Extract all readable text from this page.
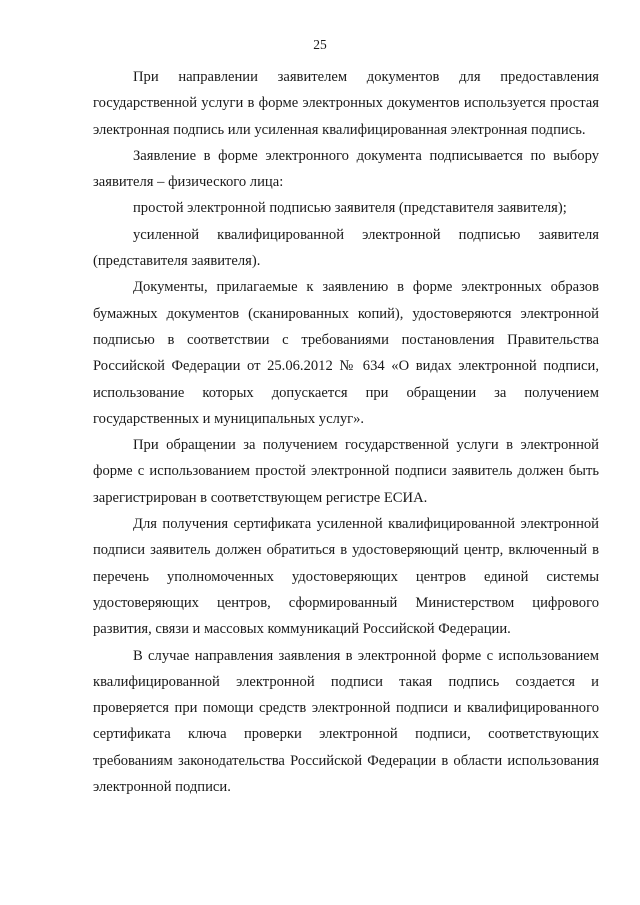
25

При направлении заявителем документов для предоставления государственной услуги в форме электронных документов используется простая электронная подпись или усиленная квалифицированная электронная подпись.

Заявление в форме электронного документа подписывается по выбору заявителя – физического лица:

простой электронной подписью заявителя (представителя заявителя);

усиленной квалифицированной электронной подписью заявителя (представителя заявителя).

Документы, прилагаемые к заявлению в форме электронных образов бумажных документов (сканированных копий), удостоверяются электронной подписью в соответствии с требованиями постановления Правительства Российской Федерации от 25.06.2012 № 634 «О видах электронной подписи, использование которых допускается при обращении за получением государственных и муниципальных услуг».

При обращении за получением государственной услуги в электронной форме с использованием простой электронной подписи заявитель должен быть зарегистрирован в соответствующем регистре ЕСИА.

Для получения сертификата усиленной квалифицированной электронной подписи заявитель должен обратиться в удостоверяющий центр, включенный в перечень уполномоченных удостоверяющих центров единой системы удостоверяющих центров, сформированный Министерством цифрового развития, связи и массовых коммуникаций Российской Федерации.

В случае направления заявления в электронной форме с использованием квалифицированной электронной подписи такая подпись создается и проверяется при помощи средств электронной подписи и квалифицированного сертификата ключа проверки электронной подписи, соответствующих требованиям законодательства Российской Федерации в области использования электронной подписи.
